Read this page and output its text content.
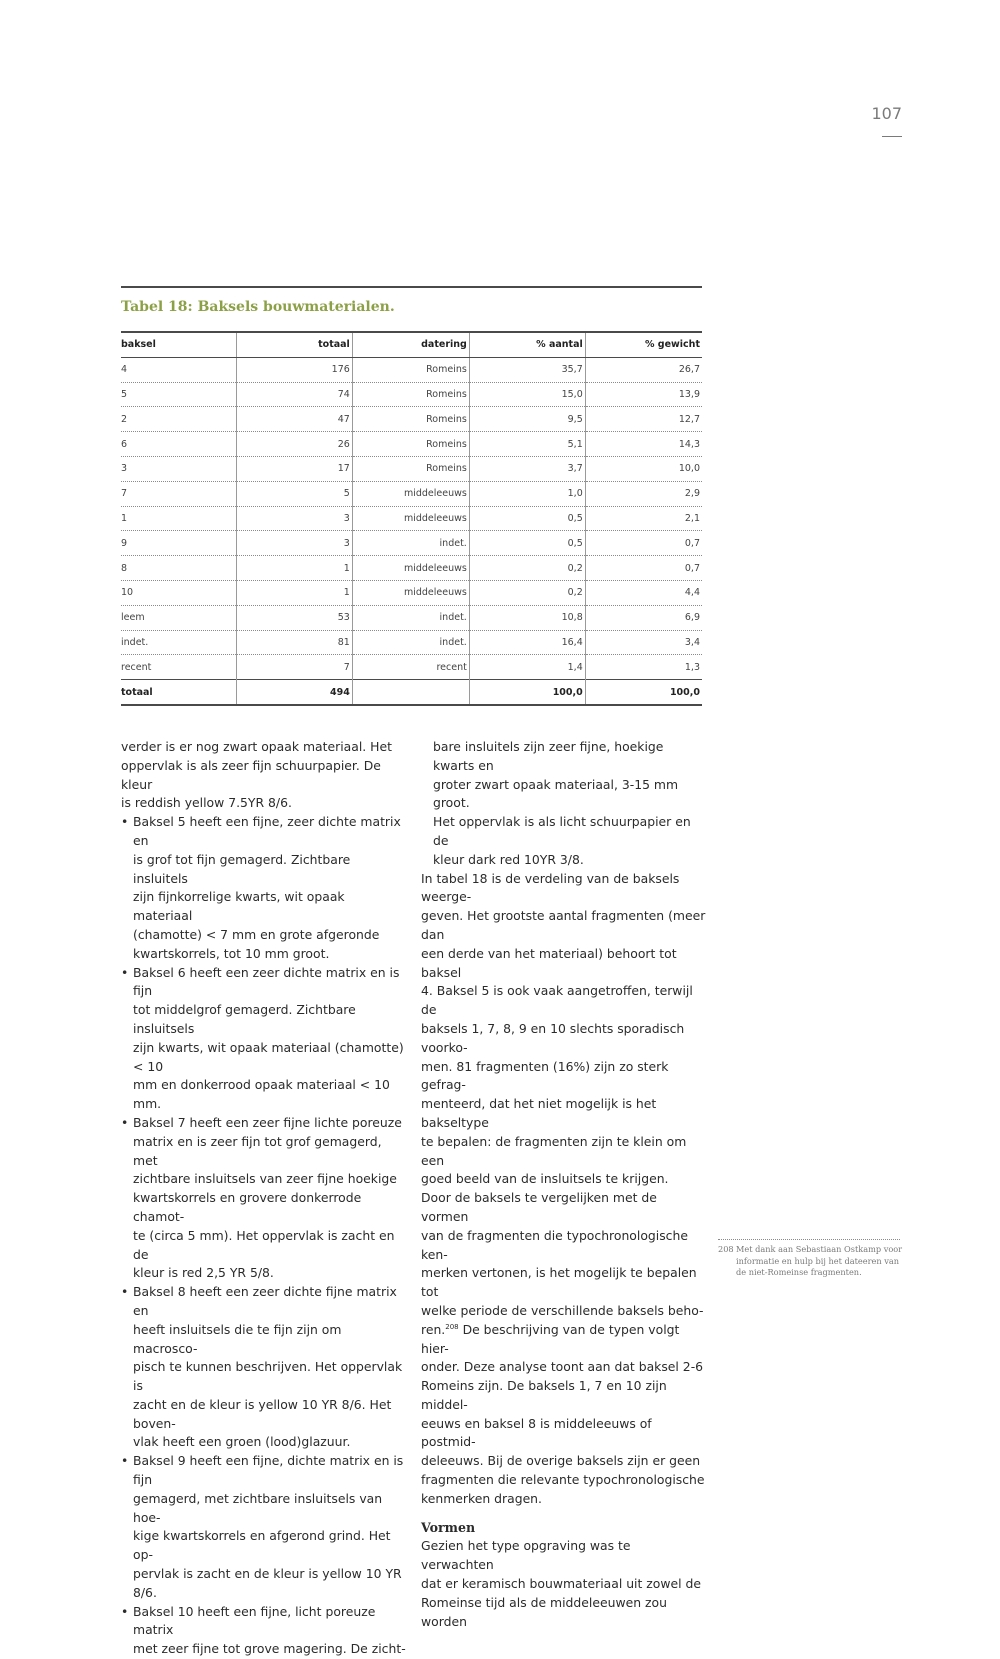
107
Tabel 18: Baksels bouwmaterialen.
baksel	totaal	datering	% aantal	% gewicht
4	176	Romeins	35,7	26,7
5	74	Romeins	15,0	13,9
2	47	Romeins	9,5	12,7
6	26	Romeins	5,1	14,3
3	17	Romeins	3,7	10,0
7	5	middeleeuws	1,0	2,9
1	3	middeleeuws	0,5	2,1
9	3	indet.	0,5	0,7
8	1	middeleeuws	0,2	0,7
10	1	middeleeuws	0,2	4,4
leem	53	indet.	10,8	6,9
indet.	81	indet.	16,4	3,4
recent	7	recent	1,4	1,3
totaal	494		100,0	100,0

verder is er nog zwart opaak materiaal. Het
oppervlak is als zeer fijn schuurpapier. De kleur
is reddish yellow 7.5YR 8/6.

• Baksel 5 heeft een fijne, zeer dichte matrix en
is grof tot fijn gemagerd. Zichtbare insluitels
zijn fijnkorrelige kwarts, wit opaak materiaal
(chamotte) < 7 mm en grote afgeronde
kwartskorrels, tot 10 mm groot.
• Baksel 6 heeft een zeer dichte matrix en is fijn
tot middelgrof gemagerd. Zichtbare insluitsels
zijn kwarts, wit opaak materiaal (chamotte) < 10
mm en donkerrood opaak materiaal < 10 mm.
• Baksel 7 heeft een zeer fijne lichte poreuze
matrix en is zeer fijn tot grof gemagerd, met
zichtbare insluitsels van zeer fijne hoekige
kwartskorrels en grovere donkerrode chamot-
te (circa 5 mm). Het oppervlak is zacht en de
kleur is red 2,5 YR 5/8.
• Baksel 8 heeft een zeer dichte fijne matrix en
heeft insluitsels die te fijn zijn om macrosco-
pisch te kunnen beschrijven. Het oppervlak is
zacht en de kleur is yellow 10 YR 8/6. Het boven-
vlak heeft een groen (lood)glazuur.
• Baksel 9 heeft een fijne, dichte matrix en is fijn
gemagerd, met zichtbare insluitsels van hoe-
kige kwartskorrels en afgerond grind. Het op-
pervlak is zacht en de kleur is yellow 10 YR 8/6.
• Baksel 10 heeft een fijne, licht poreuze matrix
met zeer fijne tot grove magering. De zicht-

bare insluitels zijn zeer fijne, hoekige kwarts en
groter zwart opaak materiaal, 3-15 mm groot.
Het oppervlak is als licht schuurpapier en de
kleur dark red 10YR 3/8.

In tabel 18 is de verdeling van de baksels weerge-
geven. Het grootste aantal fragmenten (meer dan
een derde van het materiaal) behoort tot baksel
4. Baksel 5 is ook vaak aangetroffen, terwijl de
baksels 1, 7, 8, 9 en 10 slechts sporadisch voorko-
men. 81 fragmenten (16%) zijn zo sterk gefrag-
menteerd, dat het niet mogelijk is het bakseltype
te bepalen: de fragmenten zijn te klein om een
goed beeld van de insluitsels te krijgen.

Door de baksels te vergelijken met de vormen
van de fragmenten die typochronologische ken-
merken vertonen, is het mogelijk te bepalen tot
welke periode de verschillende baksels beho-
ren.$^{208}$ De beschrijving van de typen volgt hier-
onder. Deze analyse toont aan dat baksel 2-6
Romeins zijn. De baksels 1, 7 en 10 zijn middel-
eeuws en baksel 8 is middeleeuws of postmid-
deleeuws. Bij de overige baksels zijn er geen
fragmenten die relevante typochronologische
kenmerken dragen.

Vormen

Gezien het type opgraving was te verwachten
dat er keramisch bouwmateriaal uit zowel de
Romeinse tijd als de middeleeuwen zou worden

208 Met dank aan Sebastiaan Ostkamp voor
informatie en hulp bij het dateeren van
de niet-Romeinse fragmenten.
